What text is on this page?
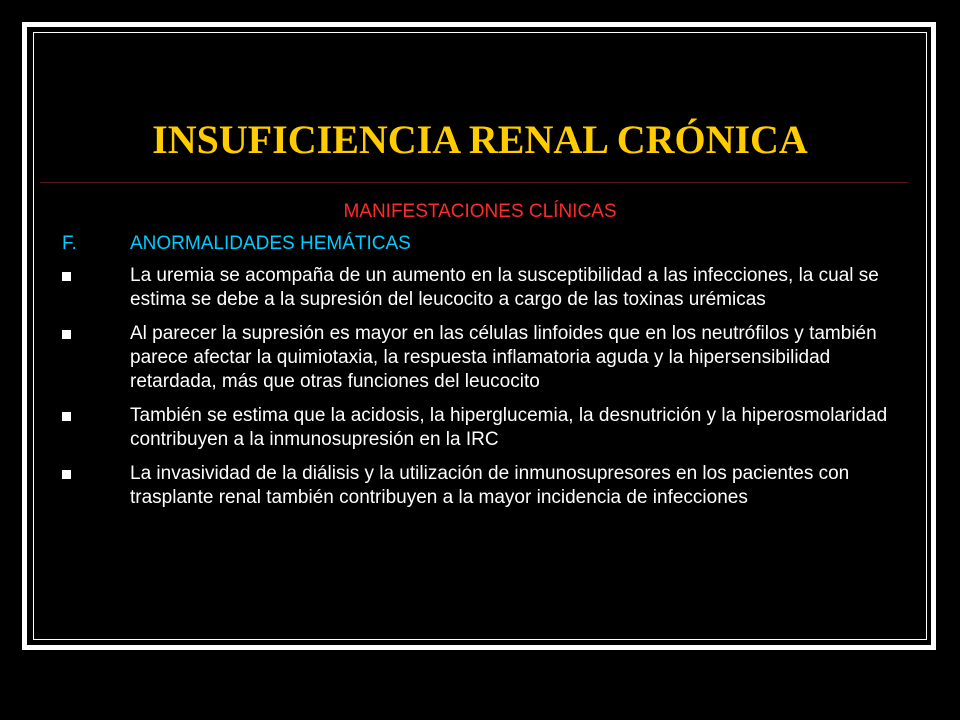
INSUFICIENCIA RENAL CRÓNICA
MANIFESTACIONES CLÍNICAS
F.	ANORMALIDADES HEMÁTICAS
La uremia se acompaña de un aumento en la susceptibilidad a las infecciones, la cual se estima se debe a la supresión del leucocito a cargo de las toxinas urémicas
Al parecer la supresión es mayor en las células linfoides que en los neutrófilos y también parece afectar la quimiotaxia, la respuesta inflamatoria aguda y la hipersensibilidad retardada, más que otras funciones del leucocito
También se estima que la acidosis, la hiperglucemia, la desnutrición y la hiperosmolaridad contribuyen a la inmunosupresión en la IRC
La invasividad de la diálisis y la utilización de inmunosupresores en los pacientes con trasplante renal también contribuyen a la mayor incidencia de infecciones
